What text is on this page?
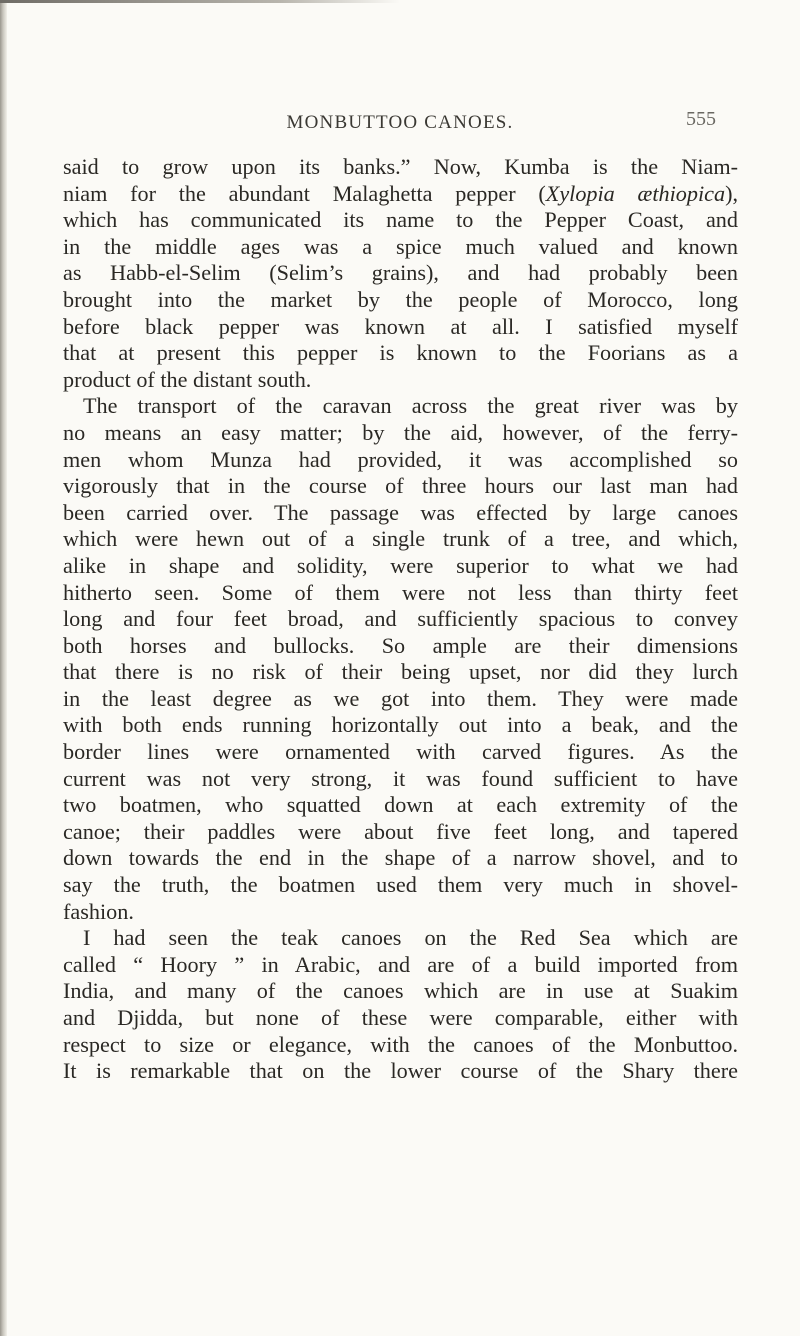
MONBUTTOO CANOES.	555
said to grow upon its banks.” Now, Kumba is the Niam-
niam for the abundant Malaghetta pepper (Xylopia æthiopica),
which has communicated its name to the Pepper Coast, and
in the middle ages was a spice much valued and known
as Habb-el-Selim (Selim’s grains), and had probably been
brought into the market by the people of Morocco, long
before black pepper was known at all. I satisfied myself
that at present this pepper is known to the Foorians as a
product of the distant south.
The transport of the caravan across the great river was by
no means an easy matter; by the aid, however, of the ferry-
men whom Munza had provided, it was accomplished so
vigorously that in the course of three hours our last man had
been carried over. The passage was effected by large canoes
which were hewn out of a single trunk of a tree, and which,
alike in shape and solidity, were superior to what we had
hitherto seen. Some of them were not less than thirty feet
long and four feet broad, and sufficiently spacious to convey
both horses and bullocks. So ample are their dimensions
that there is no risk of their being upset, nor did they lurch
in the least degree as we got into them. They were made
with both ends running horizontally out into a beak, and the
border lines were ornamented with carved figures. As the
current was not very strong, it was found sufficient to have
two boatmen, who squatted down at each extremity of the
canoe; their paddles were about five feet long, and tapered
down towards the end in the shape of a narrow shovel, and to
say the truth, the boatmen used them very much in shovel-
fashion.
I had seen the teak canoes on the Red Sea which are
called “ Hoory ” in Arabic, and are of a build imported from
India, and many of the canoes which are in use at Suakim
and Djidda, but none of these were comparable, either with
respect to size or elegance, with the canoes of the Monbuttoo.
It is remarkable that on the lower course of the Shary there
